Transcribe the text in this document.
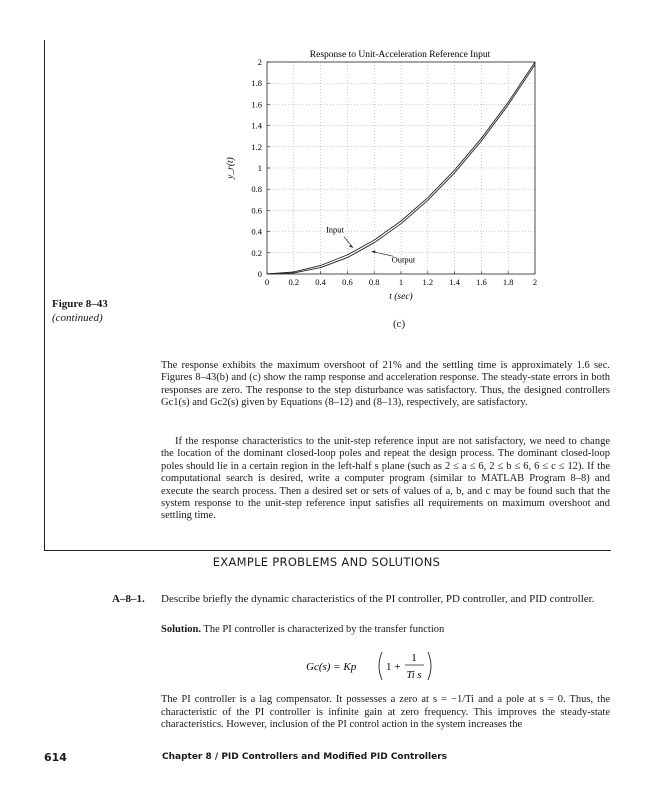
Figure 8–43
(continued)
Response to Unit-Acceleration Reference Input
0 0.2 0.4 0.6 0.8 1 1.2 1.4 1.6 1.8 2
0
0.2
0.4
0.6
0.8
1
1.2
1.4
1.6
1.8
2
t (sec)
y_r(t)
Input
Output
(c)
The response exhibits the maximum overshoot of 21% and the settling time is approximately 1.6 sec. Figures 8–43(b) and (c) show the ramp response and acceleration response. The steady-state errors in both responses are zero. The response to the step disturbance was satisfactory. Thus, the designed controllers Gc1(s) and Gc2(s) given by Equations (8–12) and (8–13), respectively, are satisfactory.
If the response characteristics to the unit-step reference input are not satisfactory, we need to change the location of the dominant closed-loop poles and repeat the design process. The dominant closed-loop poles should lie in a certain region in the left-half s plane (such as 2 ≤ a ≤ 6, 2 ≤ b ≤ 6, 6 ≤ c ≤ 12). If the computational search is desired, write a computer program (similar to MATLAB Program 8–8) and execute the search process. Then a desired set or sets of values of a, b, and c may be found such that the system response to the unit-step reference input satisfies all requirements on maximum overshoot and settling time.
EXAMPLE PROBLEMS AND SOLUTIONS
A–8–1. Describe briefly the dynamic characteristics of the PI controller, PD controller, and PID controller.
Solution. The PI controller is characterized by the transfer function
Gc(s) = Kp	1 +
1
Ti s
The PI controller is a lag compensator. It possesses a zero at s = −1/Ti and a pole at s = 0. Thus, the characteristic of the PI controller is infinite gain at zero frequency. This improves the steady-state characteristics. However, inclusion of the PI control action in the system increases the
614	Chapter 8 / PID Controllers and Modified PID Controllers
